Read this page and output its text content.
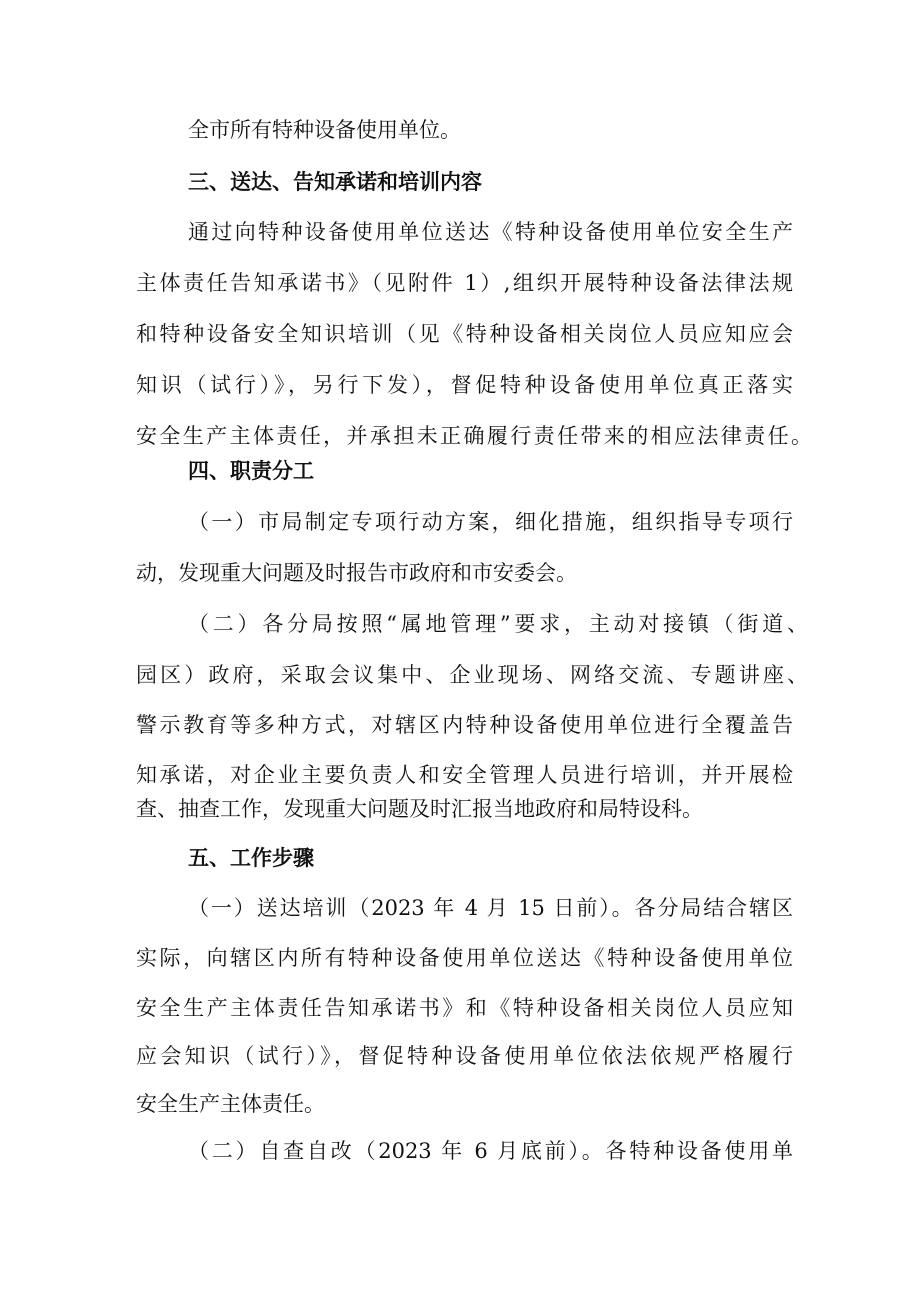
全市所有特种设备使用单位。
三、送达、告知承诺和培训内容
通过向特种设备使用单位送达《特种设备使用单位安全生产
主体责任告知承诺书》（见附件 1）,组织开展特种设备法律法规
和特种设备安全知识培训（见《特种设备相关岗位人员应知应会
知识（试行）》，另行下发），督促特种设备使用单位真正落实
安全生产主体责任，并承担未正确履行责任带来的相应法律责任。
四、职责分工
（一）市局制定专项行动方案，细化措施，组织指导专项行
动，发现重大问题及时报告市政府和市安委会。
（二）各分局按照“属地管理”要求，主动对接镇（街道、
园区）政府，采取会议集中、企业现场、网络交流、专题讲座、
警示教育等多种方式，对辖区内特种设备使用单位进行全覆盖告
知承诺，对企业主要负责人和安全管理人员进行培训，并开展检
查、抽查工作，发现重大问题及时汇报当地政府和局特设科。
五、工作步骤
（一）送达培训（2023 年 4 月 15 日前）。各分局结合辖区
实际，向辖区内所有特种设备使用单位送达《特种设备使用单位
安全生产主体责任告知承诺书》和《特种设备相关岗位人员应知
应会知识（试行）》，督促特种设备使用单位依法依规严格履行
安全生产主体责任。
（二）自查自改（2023 年 6 月底前）。各特种设备使用单
